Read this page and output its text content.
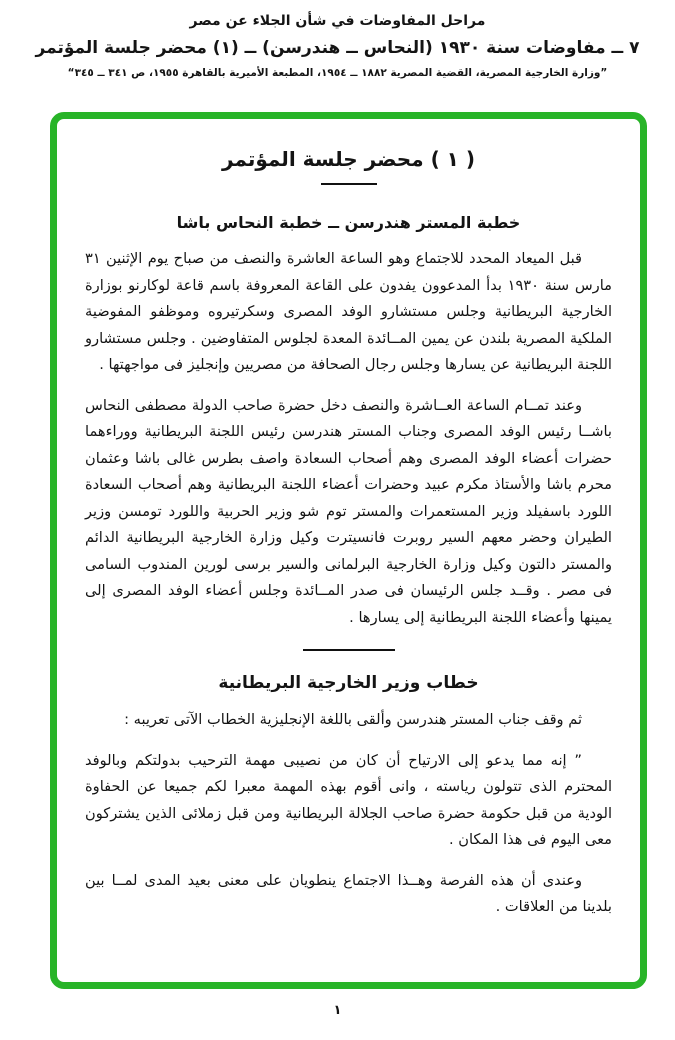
مراحل المفاوضات في شأن الجلاء عن مصر
٧ ــ مفاوضات سنة ١٩٣٠ (النحاس ــ هندرسن) ــ (١) محضر جلسة المؤتمر
”وزارة الخارجية المصرية، القضية المصرية ١٨٨٢ ــ ١٩٥٤، المطبعة الأميرية بالقاهرة ١٩٥٥، ص ٣٤١ ــ ٣٤٥“
( ١ ) محضر جلسة المؤتمر
خطبة المستر هندرسن ــ خطبة النحاس باشا

قبل الميعاد المحدد للاجتماع وهو الساعة العاشرة والنصف من صباح يوم الإثنين ٣١ مارس سنة ١٩٣٠ بدأ المدعوون يفدون على القاعة المعروفة باسم قاعة لوكارنو بوزارة الخارجية البريطانية وجلس مستشارو الوفد المصرى وسكرتيروه وموظفو المفوضية الملكية المصرية بلندن عن يمين المــائدة المعدة لجلوس المتفاوضين . وجلس مستشارو اللجنة البريطانية عن يسارها وجلس رجال الصحافة من مصريين وإنجليز فى مواجهتها .

وعند تمــام الساعة العــاشرة والنصف دخل حضرة صاحب الدولة مصطفى النحاس باشــا رئيس الوفد المصرى وجناب المستر هندرسن رئيس اللجنة البريطانية ووراءهما حضرات أعضاء الوفد المصرى وهم أصحاب السعادة واصف بطرس غالى باشا وعثمان محرم باشا والأستاذ مكرم عبيد وحضرات أعضاء اللجنة البريطانية وهم أصحاب السعادة اللورد باسفيلد وزير المستعمرات والمستر توم شو وزير الحربية واللورد تومسن وزير الطيران وحضر معهم السير روبرت فانسيترت وكيل وزارة الخارجية البريطانية الدائم والمستر دالتون وكيل وزارة الخارجية البرلمانى والسير برسى لورين المندوب السامى فى مصر . وقــد جلس الرئيسان فى صدر المــائدة وجلس أعضاء الوفد المصرى إلى يمينها وأعضاء اللجنة البريطانية إلى يسارها .

خطاب وزير الخارجية البريطانية

ثم وقف جناب المستر هندرسن وألقى باللغة الإنجليزية الخطاب الآتى تعريبه :

” إنه مما يدعو إلى الارتياح أن كان من نصيبى مهمة الترحيب بدولتكم وبالوفد المحترم الذى تتولون رياسته ، وانى أقوم بهذه المهمة معبرا لكم جميعا عن الحفاوة الودية من قبل حكومة حضرة صاحب الجلالة البريطانية ومن قبل زملائى الذين يشتركون معى اليوم فى هذا المكان .

وعندى أن هذه الفرصة وهــذا الاجتماع ينطويان على معنى بعيد المدى لمــا بين بلدينا من العلاقات .

١
